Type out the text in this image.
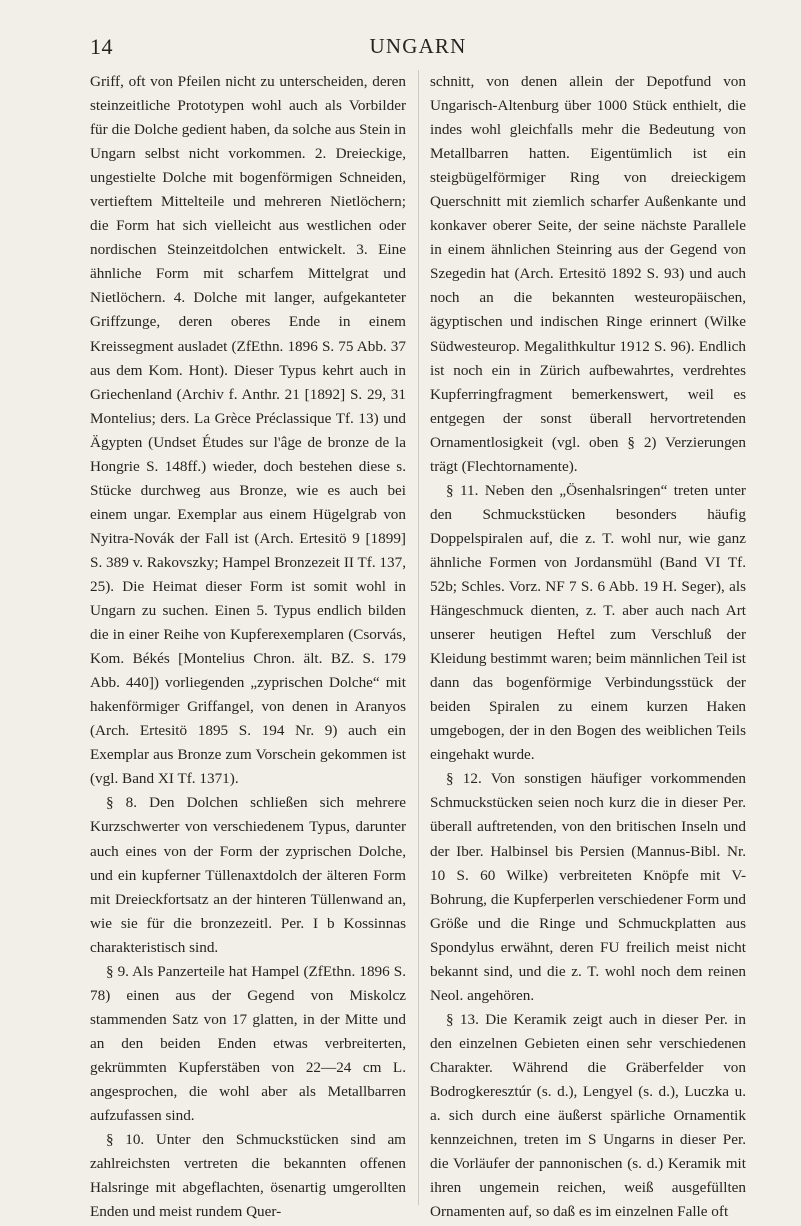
14	UNGARN

Griff, oft von Pfeilen nicht zu unterscheiden, deren steinzeitliche Prototypen wohl auch als Vorbilder für die Dolche gedient haben, da solche aus Stein in Ungarn selbst nicht vorkommen. 2. Dreieckige, ungestielte Dolche mit bogenförmigen Schneiden, vertieftem Mittelteile und mehreren Nietlöchern; die Form hat sich vielleicht aus westlichen oder nordischen Steinzeitdolchen entwickelt. 3. Eine ähnliche Form mit scharfem Mittelgrat und Nietlöchern. 4. Dolche mit langer, aufgekanteter Griffzunge, deren oberes Ende in einem Kreissegment ausladet (ZfEthn. 1896 S. 75 Abb. 37 aus dem Kom. Hont). Dieser Typus kehrt auch in Griechenland (Archiv f. Anthr. 21 [1892] S. 29, 31 Montelius; ders. La Grèce Préclassique Tf. 13) und Ägypten (Undset Études sur l'âge de bronze de la Hongrie S. 148ff.) wieder, doch bestehen diese s. Stücke durchweg aus Bronze, wie es auch bei einem ungar. Exemplar aus einem Hügelgrab von Nyitra-Novák der Fall ist (Arch. Ertesitö 9 [1899] S. 389 v. Rakovszky; Hampel Bronzezeit II Tf. 137, 25). Die Heimat dieser Form ist somit wohl in Ungarn zu suchen. Einen 5. Typus endlich bilden die in einer Reihe von Kupferexemplaren (Csorvás, Kom. Békés [Montelius Chron. ält. BZ. S. 179 Abb. 440]) vorliegenden „zyprischen Dolche“ mit hakenförmiger Griffangel, von denen in Aranyos (Arch. Ertesitö 1895 S. 194 Nr. 9) auch ein Exemplar aus Bronze zum Vorschein gekommen ist (vgl. Band XI Tf. 1371).

§ 8. Den Dolchen schließen sich mehrere Kurzschwerter von verschiedenem Typus, darunter auch eines von der Form der zyprischen Dolche, und ein kupferner Tüllenaxtdolch der älteren Form mit Dreieckfortsatz an der hinteren Tüllenwand an, wie sie für die bronzezeitl. Per. I b Kossinnas charakteristisch sind.

§ 9. Als Panzerteile hat Hampel (ZfEthn. 1896 S. 78) einen aus der Gegend von Miskolcz stammenden Satz von 17 glatten, in der Mitte und an den beiden Enden etwas verbreiterten, gekrümmten Kupferstäben von 22—24 cm L. angesprochen, die wohl aber als Metallbarren aufzufassen sind.

§ 10. Unter den Schmuckstücken sind am zahlreichsten vertreten die bekannten offenen Halsringe mit abgeflachten, ösenartig umgerollten Enden und meist rundem Quer-

schnitt, von denen allein der Depotfund von Ungarisch-Altenburg über 1000 Stück enthielt, die indes wohl gleichfalls mehr die Bedeutung von Metallbarren hatten. Eigentümlich ist ein steigbügelförmiger Ring von dreieckigem Querschnitt mit ziemlich scharfer Außenkante und konkaver oberer Seite, der seine nächste Parallele in einem ähnlichen Steinring aus der Gegend von Szegedin hat (Arch. Ertesitö 1892 S. 93) und auch noch an die bekannten westeuropäischen, ägyptischen und indischen Ringe erinnert (Wilke Südwesteurop. Megalithkultur 1912 S. 96). Endlich ist noch ein in Zürich aufbewahrtes, verdrehtes Kupferringfragment bemerkenswert, weil es entgegen der sonst überall hervortretenden Ornamentlosigkeit (vgl. oben § 2) Verzierungen trägt (Flechtornamente).

§ 11. Neben den „Ösenhalsringen“ treten unter den Schmuckstücken besonders häufig Doppelspiralen auf, die z. T. wohl nur, wie ganz ähnliche Formen von Jordansmühl (Band VI Tf. 52b; Schles. Vorz. NF 7 S. 6 Abb. 19 H. Seger), als Hängeschmuck dienten, z. T. aber auch nach Art unserer heutigen Heftel zum Verschluß der Kleidung bestimmt waren; beim männlichen Teil ist dann das bogenförmige Verbindungsstück der beiden Spiralen zu einem kurzen Haken umgebogen, der in den Bogen des weiblichen Teils eingehakt wurde.

§ 12. Von sonstigen häufiger vorkommenden Schmuckstücken seien noch kurz die in dieser Per. überall auftretenden, von den britischen Inseln und der Iber. Halbinsel bis Persien (Mannus-Bibl. Nr. 10 S. 60 Wilke) verbreiteten Knöpfe mit V-Bohrung, die Kupferperlen verschiedener Form und Größe und die Ringe und Schmuckplatten aus Spondylus erwähnt, deren FU freilich meist nicht bekannt sind, und die z. T. wohl noch dem reinen Neol. angehören.

§ 13. Die Keramik zeigt auch in dieser Per. in den einzelnen Gebieten einen sehr verschiedenen Charakter. Während die Gräberfelder von Bodrogkeresztúr (s. d.), Lengyel (s. d.), Luczka u. a. sich durch eine äußerst spärliche Ornamentik kennzeichnen, treten im S Ungarns in dieser Per. die Vorläufer der pannonischen (s. d.) Keramik mit ihren ungemein reichen, weiß ausgefüllten Ornamenten auf, so daß es im einzelnen Falle oft
